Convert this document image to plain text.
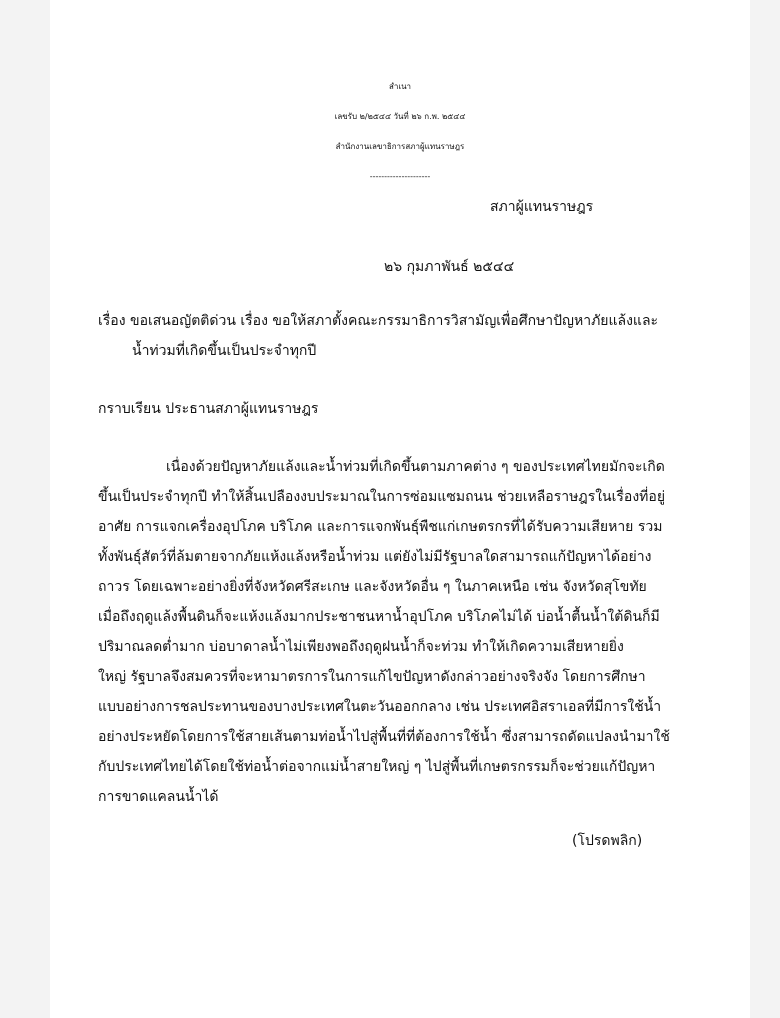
สำเนา
เลขรับ ๒/๒๕๔๔ วันที่ ๒๖ ก.พ. ๒๕๔๔
สำนักงานเลขาธิการสภาผู้แทนราษฎร
---------------------
สภาผู้แทนราษฎร
๒๖ กุมภาพันธ์ ๒๕๔๔
เรื่อง ขอเสนอญัตติด่วน เรื่อง ขอให้สภาตั้งคณะกรรมาธิการวิสามัญเพื่อศึกษาปัญหาภัยแล้งและ
น้ำท่วมที่เกิดขึ้นเป็นประจำทุกปี
กราบเรียน ประธานสภาผู้แทนราษฎร
เนื่องด้วยปัญหาภัยแล้งและน้ำท่วมที่เกิดขึ้นตามภาคต่าง ๆ ของประเทศไทยมักจะเกิด
ขึ้นเป็นประจำทุกปี ทำให้สิ้นเปลืองงบประมาณในการซ่อมแซมถนน ช่วยเหลือราษฎรในเรื่องที่อยู่
อาศัย การแจกเครื่องอุปโภค บริโภค และการแจกพันธุ์พืชแก่เกษตรกรที่ได้รับความเสียหาย รวม
ทั้งพันธุ์สัตว์ที่ล้มตายจากภัยแห้งแล้งหรือน้ำท่วม แต่ยังไม่มีรัฐบาลใดสามารถแก้ปัญหาได้อย่าง
ถาวร โดยเฉพาะอย่างยิ่งที่จังหวัดศรีสะเกษ และจังหวัดอื่น ๆ ในภาคเหนือ เช่น จังหวัดสุโขทัย
เมื่อถึงฤดูแล้งพื้นดินก็จะแห้งแล้งมากประชาชนหาน้ำอุปโภค บริโภคไม่ได้ บ่อน้ำตื้นน้ำใต้ดินก็มี
ปริมาณลดต่ำมาก บ่อบาดาลน้ำไม่เพียงพอถึงฤดูฝนน้ำก็จะท่วม ทำให้เกิดความเสียหายยิ่ง
ใหญ่ รัฐบาลจึงสมควรที่จะหามาตรการในการแก้ไขปัญหาดังกล่าวอย่างจริงจัง โดยการศึกษา
แบบอย่างการชลประทานของบางประเทศในตะวันออกกลาง เช่น ประเทศอิสราเอลที่มีการใช้น้ำ
อย่างประหยัดโดยการใช้สายเส้นตามท่อน้ำไปสู่พื้นที่ที่ต้องการใช้น้ำ ซึ่งสามารถดัดแปลงนำมาใช้
กับประเทศไทยได้โดยใช้ท่อน้ำต่อจากแม่น้ำสายใหญ่ ๆ ไปสู่พื้นที่เกษตรกรรมก็จะช่วยแก้ปัญหา
การขาดแคลนน้ำได้
(โปรดพลิก)
